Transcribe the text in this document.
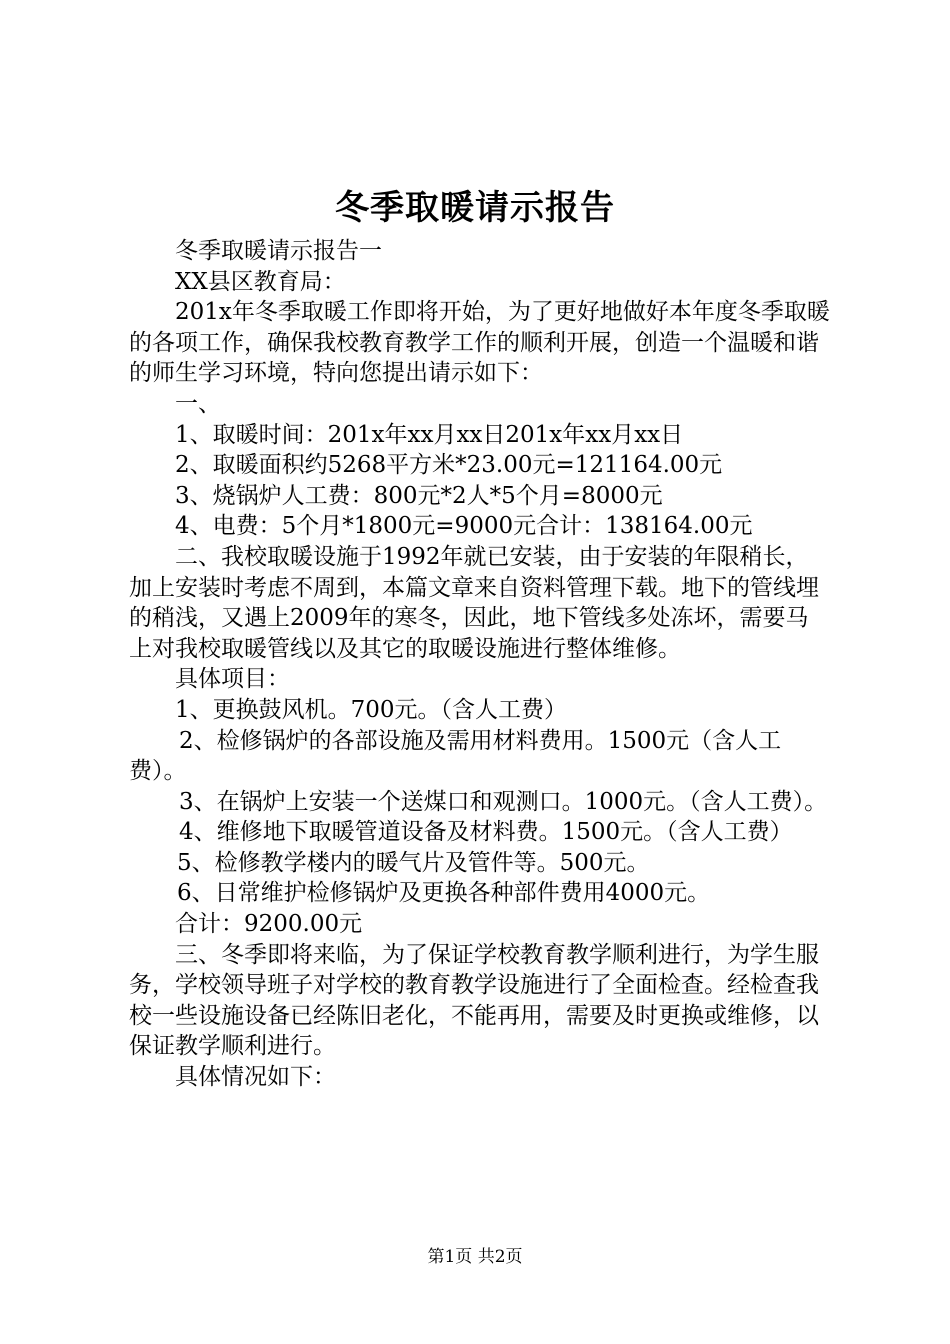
冬季取暖请示报告

冬季取暖请示报告一

XX县区教育局：

201x年冬季取暖工作即将开始，为了更好地做好本年度冬季取暖的各项工作，确保我校教育教学工作的顺利开展，创造一个温暖和谐的师生学习环境，特向您提出请示如下：

一、

1、取暖时间：201x年xx月xx日201x年xx月xx日

2、取暖面积约5268平方米*23.00元=121164.00元

3、烧锅炉人工费：800元*2人*5个月=8000元

4、电费：5个月*1800元=9000元合计：138164.00元

二、我校取暖设施于1992年就已安装，由于安装的年限稍长，加上安装时考虑不周到，本篇文章来自资料管理下载。地下的管线埋的稍浅，又遇上2009年的寒冬，因此，地下管线多处冻坏，需要马上对我校取暖管线以及其它的取暖设施进行整体维修。

具体项目：

1、更换鼓风机。700元。（含人工费）

2、检修锅炉的各部设施及需用材料费用。1500元（含人工费）。

3、在锅炉上安装一个送煤口和观测口。1000元。（含人工费）。

4、维修地下取暖管道设备及材料费。1500元。（含人工费）

5、检修教学楼内的暖气片及管件等。500元。

6、日常维护检修锅炉及更换各种部件费用4000元。

合计：9200.00元

三、冬季即将来临，为了保证学校教育教学顺利进行，为学生服务，学校领导班子对学校的教育教学设施进行了全面检查。经检查我校一些设施设备已经陈旧老化，不能再用，需要及时更换或维修，以保证教学顺利进行。

具体情况如下：

第1页 共2页
